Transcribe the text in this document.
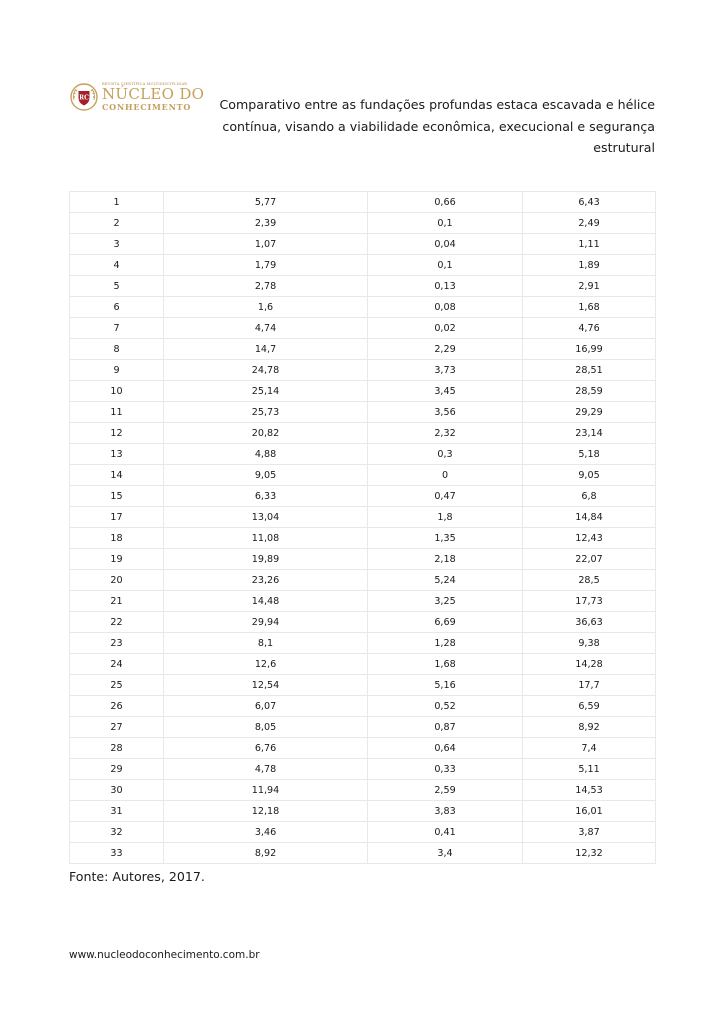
RC
REVISTA CIENTÍFICA MULTIDISCIPLINAR
NÚCLEO DO
CONHECIMENTO	Comparativo entre as fundações profundas estaca escavada e hélice
contínua, visando a viabilidade econômica, execucional e segurança
estrutural
1	5,77	0,66	6,43
2	2,39	0,1	2,49
3	1,07	0,04	1,11
4	1,79	0,1	1,89
5	2,78	0,13	2,91
6	1,6	0,08	1,68
7	4,74	0,02	4,76
8	14,7	2,29	16,99
9	24,78	3,73	28,51
10	25,14	3,45	28,59
11	25,73	3,56	29,29
12	20,82	2,32	23,14
13	4,88	0,3	5,18
14	9,05	0	9,05
15	6,33	0,47	6,8
17	13,04	1,8	14,84
18	11,08	1,35	12,43
19	19,89	2,18	22,07
20	23,26	5,24	28,5
21	14,48	3,25	17,73
22	29,94	6,69	36,63
23	8,1	1,28	9,38
24	12,6	1,68	14,28
25	12,54	5,16	17,7
26	6,07	0,52	6,59
27	8,05	0,87	8,92
28	6,76	0,64	7,4
29	4,78	0,33	5,11
30	11,94	2,59	14,53
31	12,18	3,83	16,01
32	3,46	0,41	3,87
33	8,92	3,4	12,32

Fonte: Autores, 2017.

www.nucleodoconhecimento.com.br
